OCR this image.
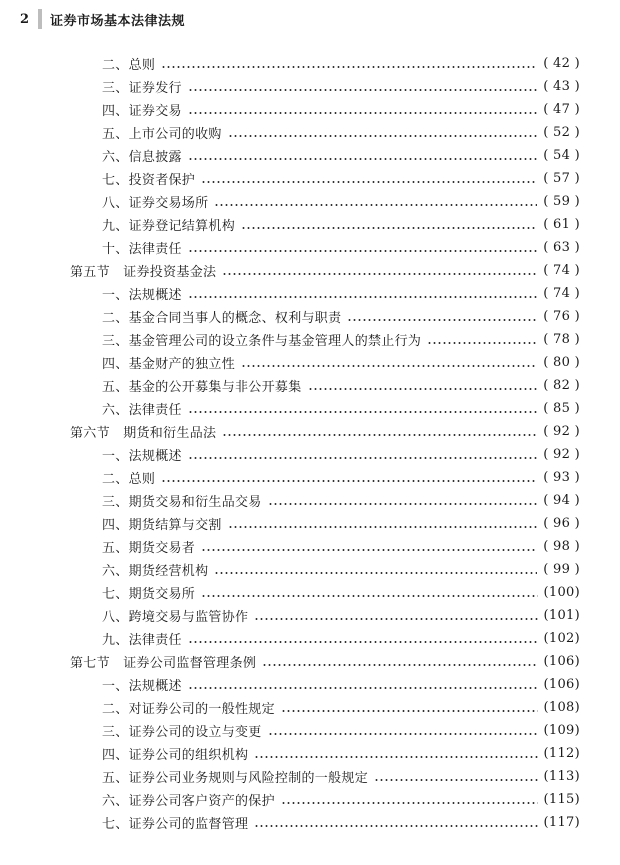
2	证券市场基本法律法规
二、总则	( 42 )
三、证券发行	( 43 )
四、证券交易	( 47 )
五、上市公司的收购	( 52 )
六、信息披露	( 54 )
七、投资者保护	( 57 )
八、证券交易场所	( 59 )
九、证券登记结算机构	( 61 )
十、法律责任	( 63 )
第五节　证券投资基金法	( 74 )
一、法规概述	( 74 )
二、基金合同当事人的概念、权利与职责	( 76 )
三、基金管理公司的设立条件与基金管理人的禁止行为	( 78 )
四、基金财产的独立性	( 80 )
五、基金的公开募集与非公开募集	( 82 )
六、法律责任	( 85 )
第六节　期货和衍生品法	( 92 )
一、法规概述	( 92 )
二、总则	( 93 )
三、期货交易和衍生品交易	( 94 )
四、期货结算与交割	( 96 )
五、期货交易者	( 98 )
六、期货经营机构	( 99 )
七、期货交易所	(100)
八、跨境交易与监管协作	(101)
九、法律责任	(102)
第七节　证券公司监督管理条例	(106)
一、法规概述	(106)
二、对证券公司的一般性规定	(108)
三、证券公司的设立与变更	(109)
四、证券公司的组织机构	(112)
五、证券公司业务规则与风险控制的一般规定	(113)
六、证券公司客户资产的保护	(115)
七、证券公司的监督管理	(117)
